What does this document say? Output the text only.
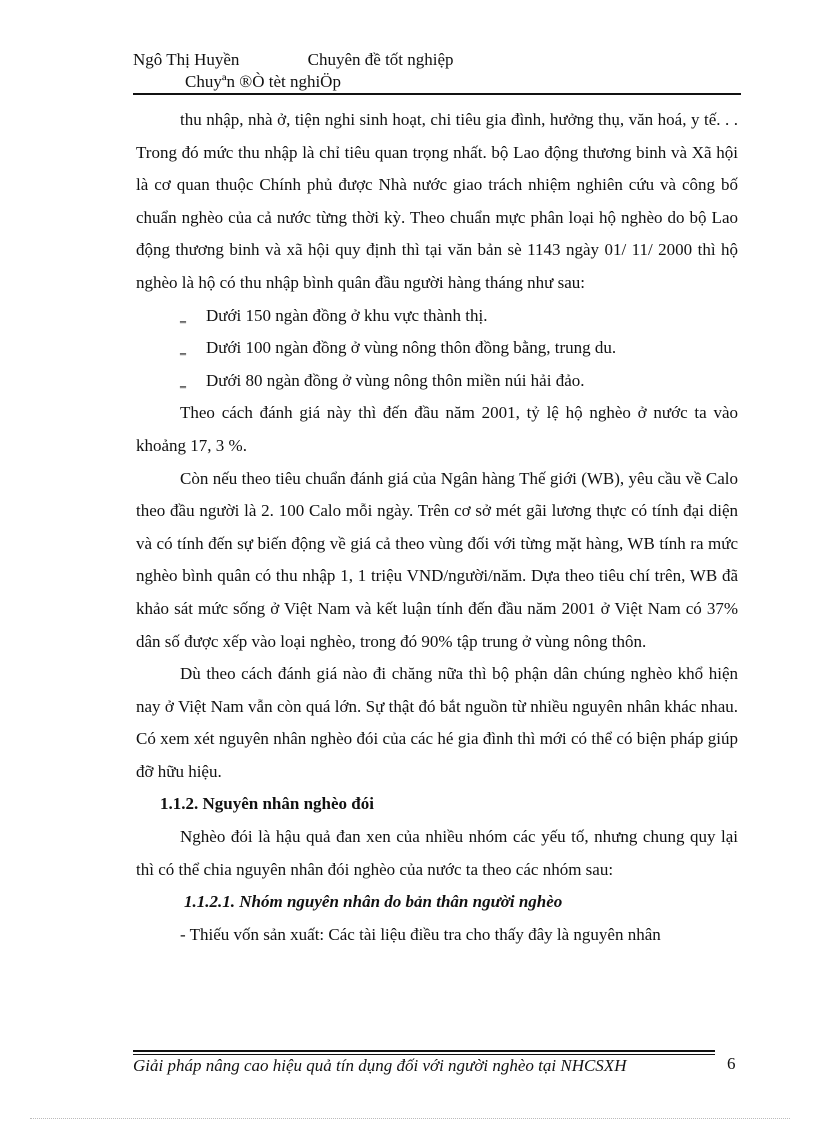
Ngô Thị Huyền	Chuyên đề tốt nghiệp
Chuyªn ®Ò tèt nghiÖp

thu nhập, nhà ở, tiện nghi sinh hoạt, chi tiêu gia đình, hưởng thụ, văn hoá, y tế. . . Trong đó mức thu nhập là chỉ tiêu quan trọng nhất. bộ Lao động thương binh và Xã hội là cơ quan thuộc Chính phủ được Nhà nước giao trách nhiệm nghiên cứu và công bố chuẩn nghèo của cả nước từng thời kỳ. Theo chuẩn mực phân loại hộ nghèo do bộ Lao động thương binh và xã hội quy định thì tại văn bản sè 1143 ngày 01/ 11/ 2000 thì hộ nghèo là hộ có thu nhập bình quân đầu người hàng tháng như sau:

‗ Dưới 150 ngàn đồng ở khu vực thành thị.

‗ Dưới 100 ngàn đồng ở vùng nông thôn đồng bằng, trung du.

‗ Dưới 80 ngàn đồng ở vùng nông thôn miền núi hải đảo.

Theo cách đánh giá này thì đến đầu năm 2001, tỷ lệ hộ nghèo ở nước ta vào khoảng 17, 3 %.

Còn nếu theo tiêu chuẩn đánh giá của Ngân hàng Thế giới (WB), yêu cầu về Calo theo đầu người là 2. 100 Calo mỗi ngày. Trên cơ sở mét gãi lương thực có tính đại diện và có tính đến sự biến động về giá cả theo vùng đối với từng mặt hàng, WB tính ra mức nghèo bình quân có thu nhập 1, 1 triệu VND/người/năm. Dựa theo tiêu chí trên, WB đã khảo sát mức sống ở Việt Nam và kết luận tính đến đầu năm 2001 ở Việt Nam có 37% dân số được xếp vào loại nghèo, trong đó 90% tập trung ở vùng nông thôn.

Dù theo cách đánh giá nào đi chăng nữa thì bộ phận dân chúng nghèo khổ hiện nay ở Việt Nam vẫn còn quá lớn. Sự thật đó bắt nguồn từ nhiều nguyên nhân khác nhau. Có xem xét nguyên nhân nghèo đói của các hé gia đình thì mới có thể có biện pháp giúp đỡ hữu hiệu.

1.1.2. Nguyên nhân nghèo đói

Nghèo đói là hậu quả đan xen của nhiều nhóm các yếu tố, nhưng chung quy lại thì có thể chia nguyên nhân đói nghèo của nước ta theo các nhóm sau:

1.1.2.1. Nhóm nguyên nhân do bản thân người nghèo

- Thiếu vốn sản xuất: Các tài liệu điều tra cho thấy đây là nguyên nhân

Giải pháp nâng cao hiệu quả tín dụng đối với người nghèo tại NHCSXH	6
